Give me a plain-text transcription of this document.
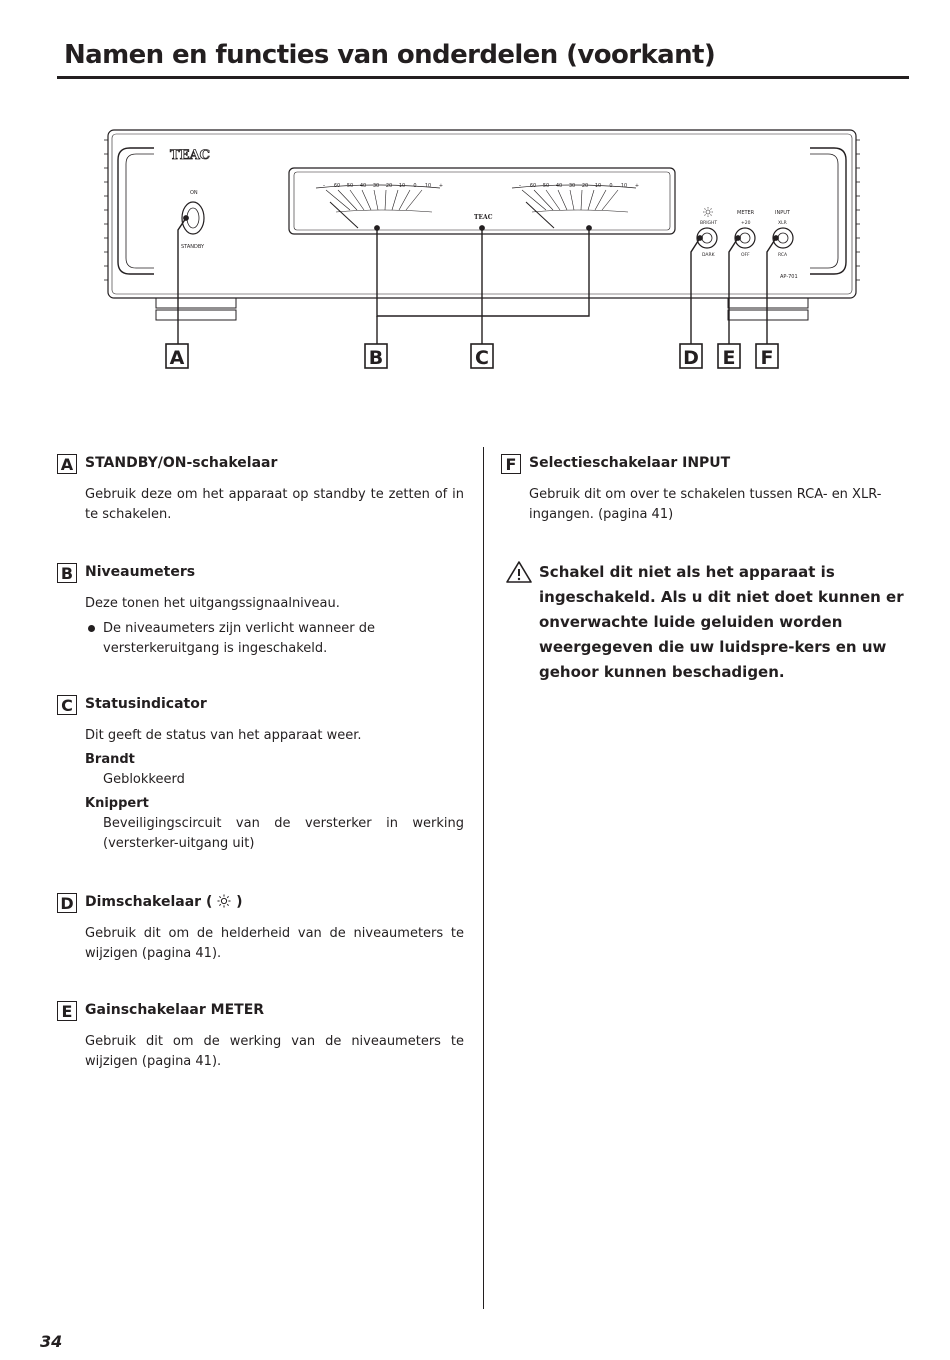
Namen en functies van onderdelen (voorkant)
TEAC
ON
STANDBY
TEAC
BRIGHT
DARK
METER
+20
OFF
INPUT
XLR
RCA
AP-701
– 60 50 40 30 20 10 0 10 +	– 60 50 40 30 20 10 0 10 +
A	B	C	D E F
A STANDBY/ON-schakelaar

Gebruik deze om het apparaat op standby te zetten of in te schakelen.

B Niveaumeters

Deze tonen het uitgangssignaalniveau.

De niveaumeters zijn verlicht wanneer de versterkeruitgang is ingeschakeld.

C Statusindicator

Dit geeft de status van het apparaat weer.

Brandt

Geblokkeerd

Knippert

Beveiligingscircuit van de versterker in werking (versterker-uitgang uit)

D Dimschakelaar ( )

Gebruik dit om de helderheid van de niveaumeters te wijzigen (pagina 41).

E Gainschakelaar METER

Gebruik dit om de werking van de niveaumeters te wijzigen (pagina 41).

F Selectieschakelaar INPUT

Gebruik dit om over te schakelen tussen RCA- en XLR-ingangen. (pagina 41)

Schakel dit niet als het apparaat is ingeschakeld. Als u dit niet doet kunnen er onverwachte luide geluiden worden weergegeven die uw luidspre-kers en uw gehoor kunnen beschadigen.

34
